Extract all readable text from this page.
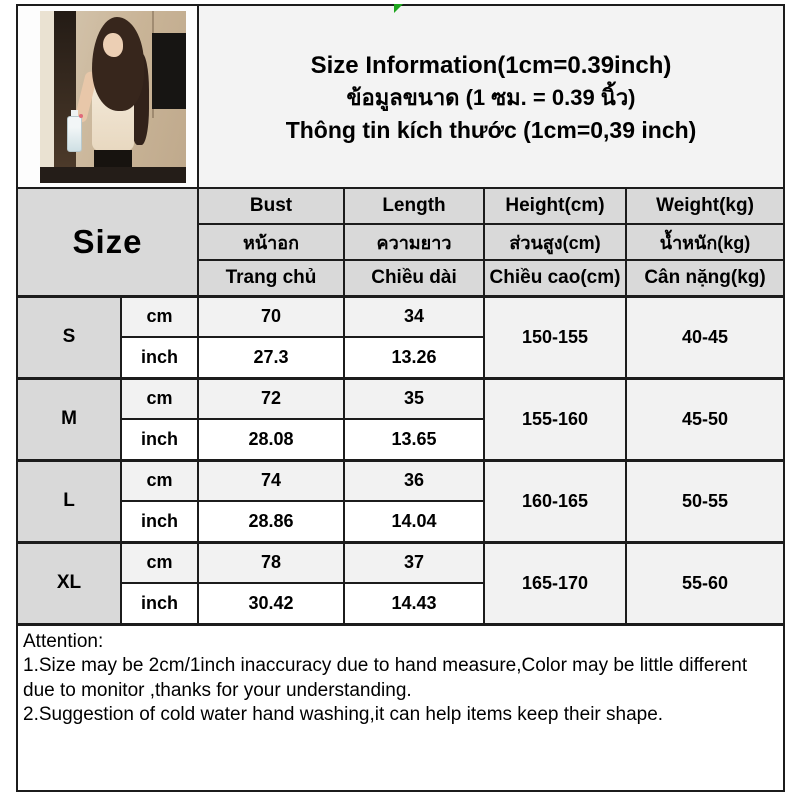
		Size Information(1cm=0.39inch)
ข้อมูลขนาด (1 ซม. = 0.39 นิ้ว)
Thông tin kích thước (1cm=0,39 inch)			

Size		Bust	Length	Height(cm)	Weight(kg)
		หน้าอก	ความยาว	ส่วนสูง(cm)	น้ำหนัก(kg)
		Trang chủ	Chiều dài	Chiều cao(cm)	Cân nặng(kg)
S	cm	70	34	150-155	40-45
	inch	27.3	13.26		
M	cm	72	35	155-160	45-50
	inch	28.08	13.65		
L	cm	74	36	160-165	50-55
	inch	28.86	14.04		
XL	cm	78	37	165-170	55-60
	inch	30.42	14.43		

Attention:
1.Size may be 2cm/1inch inaccuracy due to hand measure,Color may be little different due to monitor ,thanks for your understanding.
2.Suggestion of cold water hand washing,it can help items keep their shape.					
